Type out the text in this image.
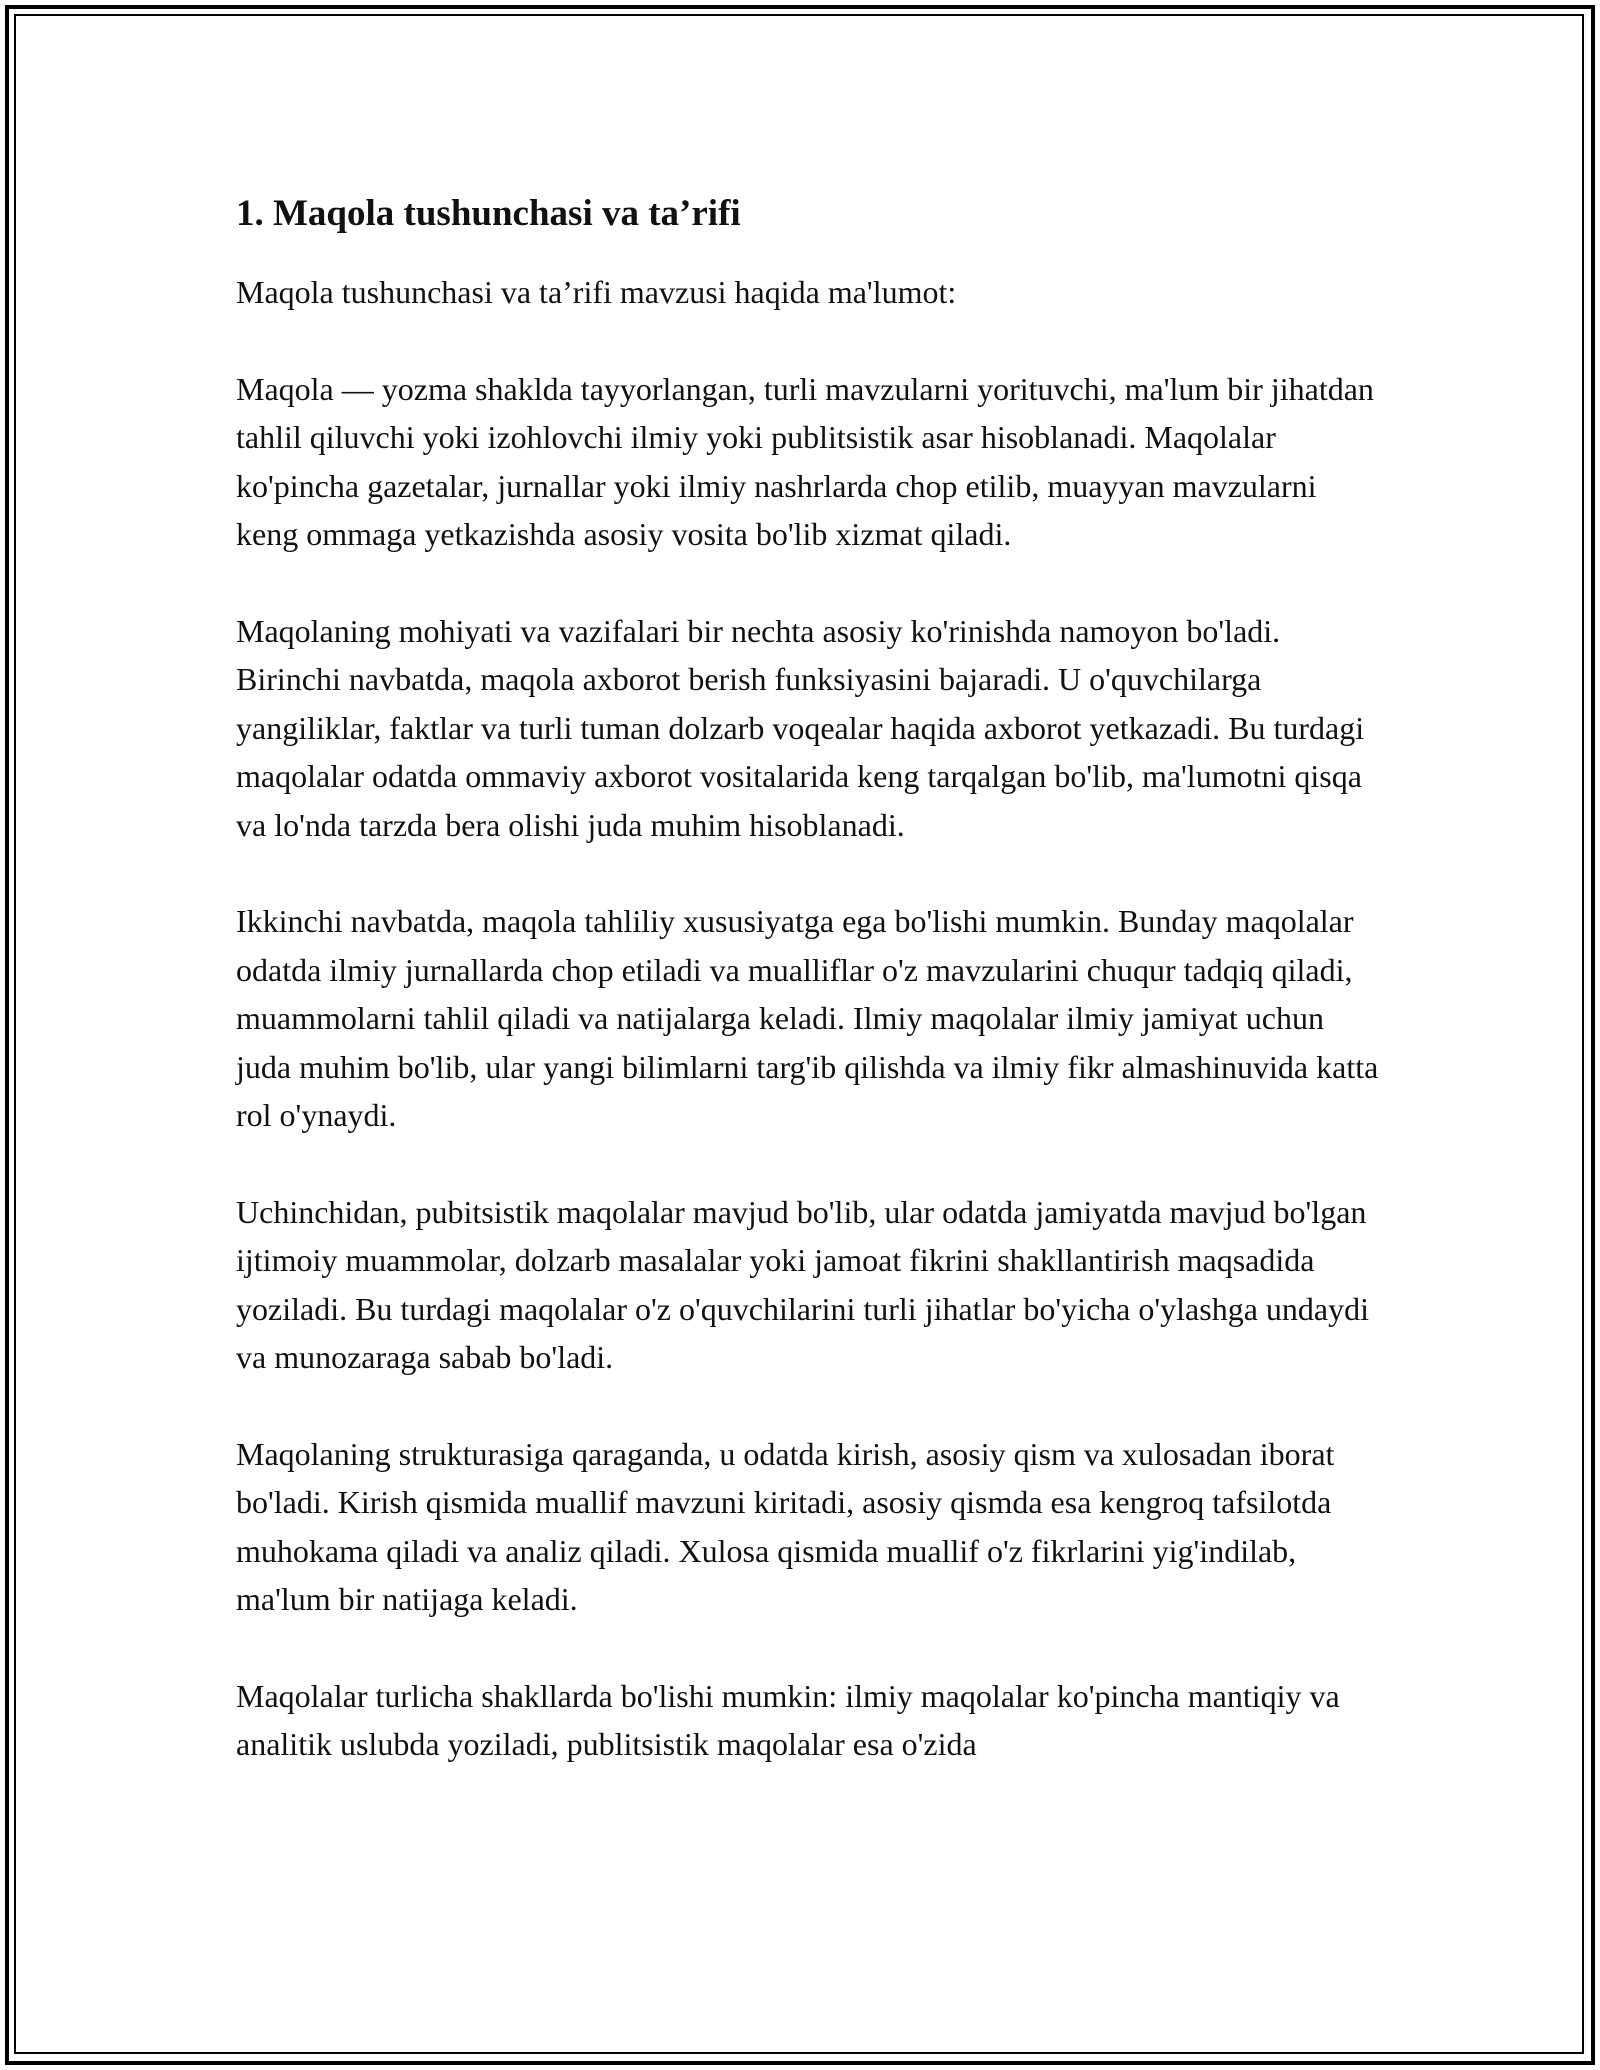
1. Maqola tushunchasi va ta’rifi

Maqola tushunchasi va ta’rifi mavzusi haqida ma'lumot:

Maqola — yozma shaklda tayyorlangan, turli mavzularni yorituvchi, ma'lum bir jihatdan tahlil qiluvchi yoki izohlovchi ilmiy yoki publitsistik asar hisoblanadi. Maqolalar ko'pincha gazetalar, jurnallar yoki ilmiy nashrlarda chop etilib, muayyan mavzularni keng ommaga yetkazishda asosiy vosita bo'lib xizmat qiladi.

Maqolaning mohiyati va vazifalari bir nechta asosiy ko'rinishda namoyon bo'ladi. Birinchi navbatda, maqola axborot berish funksiyasini bajaradi. U o'quvchilarga yangiliklar, faktlar va turli tuman dolzarb voqealar haqida axborot yetkazadi. Bu turdagi maqolalar odatda ommaviy axborot vositalarida keng tarqalgan bo'lib, ma'lumotni qisqa va lo'nda tarzda bera olishi juda muhim hisoblanadi.

Ikkinchi navbatda, maqola tahliliy xususiyatga ega bo'lishi mumkin. Bunday maqolalar odatda ilmiy jurnallarda chop etiladi va mualliflar o'z mavzularini chuqur tadqiq qiladi, muammolarni tahlil qiladi va natijalarga keladi. Ilmiy maqolalar ilmiy jamiyat uchun juda muhim bo'lib, ular yangi bilimlarni targ'ib qilishda va ilmiy fikr almashinuvida katta rol o'ynaydi.

Uchinchidan, pubitsistik maqolalar mavjud bo'lib, ular odatda jamiyatda mavjud bo'lgan ijtimoiy muammolar, dolzarb masalalar yoki jamoat fikrini shakllantirish maqsadida yoziladi. Bu turdagi maqolalar o'z o'quvchilarini turli jihatlar bo'yicha o'ylashga undaydi va munozaraga sabab bo'ladi.

Maqolaning strukturasiga qaraganda, u odatda kirish, asosiy qism va xulosadan iborat bo'ladi. Kirish qismida muallif mavzuni kiritadi, asosiy qismda esa kengroq tafsilotda muhokama qiladi va analiz qiladi. Xulosa qismida muallif o'z fikrlarini yig'indilab, ma'lum bir natijaga keladi.

Maqolalar turlicha shakllarda bo'lishi mumkin: ilmiy maqolalar ko'pincha mantiqiy va analitik uslubda yoziladi, publitsistik maqolalar esa o'zida
